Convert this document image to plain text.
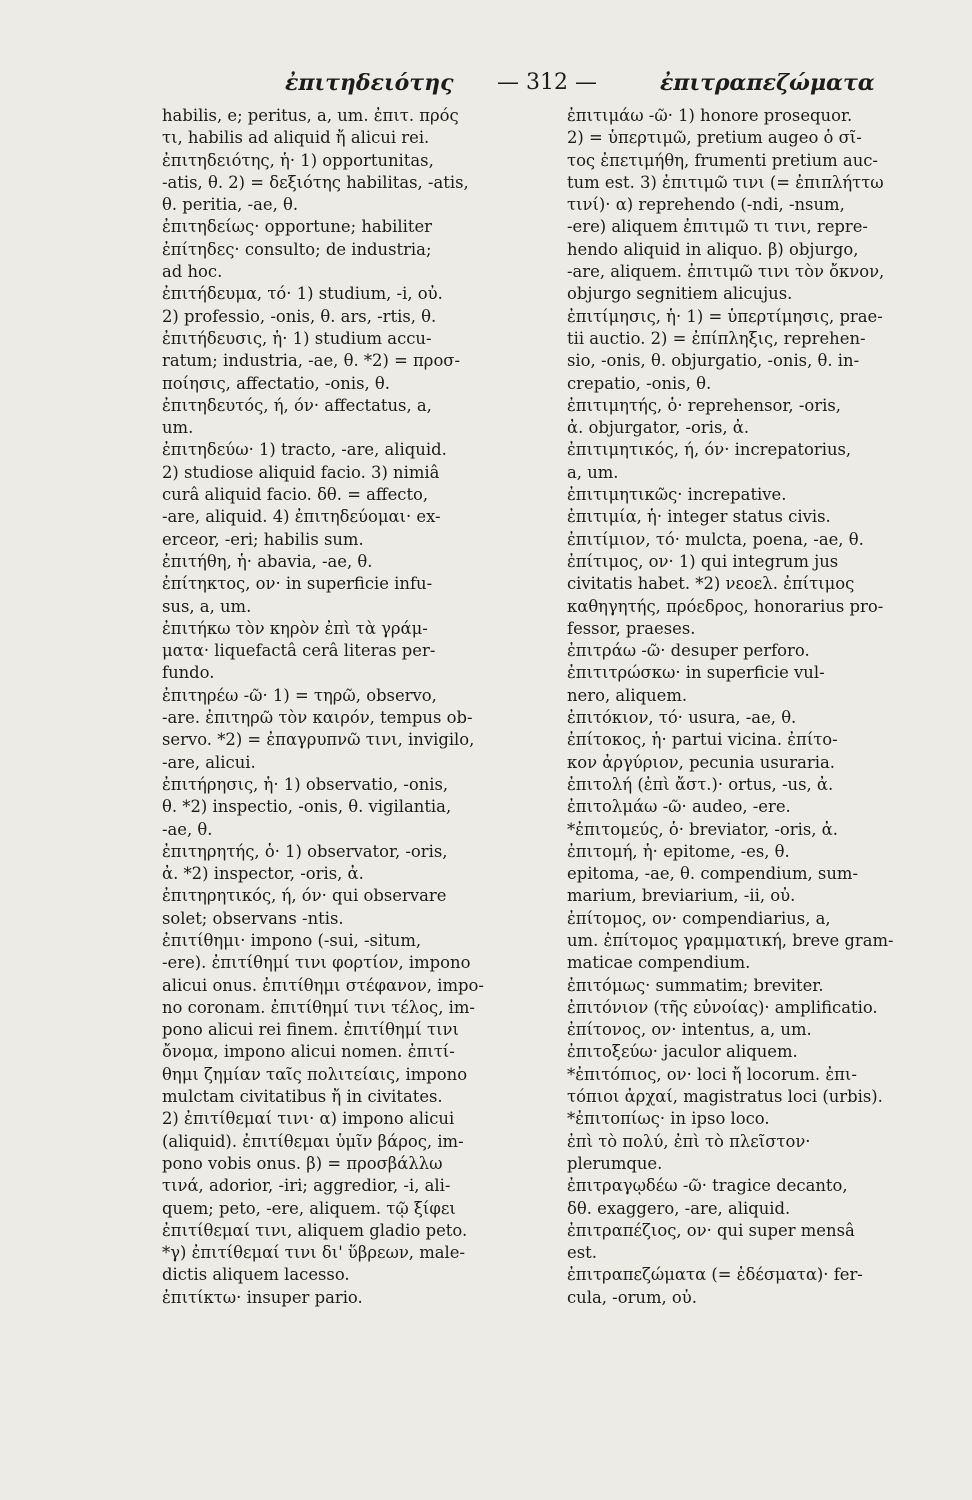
ἐπιτηδειότης — 312 —	ἐπιτραπεζώματα
habilis, e; peritus, a, um. ἐπιτ. πρός
τι, habilis ad aliquid ἤ alicui rei.
ἐπιτηδειότης, ἡ· 1) opportunitas,
-atis, θ. 2) = δεξιότης habilitas, -atis,
θ. peritia, -ae, θ.
ἐπιτηδείως· opportune; habiliter
ἐπίτηδες· consulto; de industria;
ad hoc.
ἐπιτήδευμα, τό· 1) studium, -i, οὐ.
2) professio, -onis, θ. ars, -rtis, θ.
ἐπιτήδευσις, ἡ· 1) studium accu-
ratum; industria, -ae, θ. *2) = προσ-
ποίησις, affectatio, -onis, θ.
ἐπιτηδευτός, ή, όν· affectatus, a,
um.
ἐπιτηδεύω· 1) tracto, -are, aliquid.
2) studiose aliquid facio. 3) nimiâ
curâ aliquid facio. δθ. = affecto,
-are, aliquid. 4) ἐπιτηδεύομαι· ex-
erceor, -eri; habilis sum.
ἐπιτήθη, ἡ· abavia, -ae, θ.
ἐπίτηκτος, ον· in superficie infu-
sus, a, um.
ἐπιτήκω τὸν κηρὸν ἐπὶ τὰ γράμ-
ματα· liquefactâ cerâ literas per-
fundo.
ἐπιτηρέω -ῶ· 1) = τηρῶ, observo,
-are. ἐπιτηρῶ τὸν καιρόν, tempus ob-
servo. *2) = ἐπαγρυπνῶ τινι, invigilo,
-are, alicui.
ἐπιτήρησις, ἡ· 1) observatio, -onis,
θ. *2) inspectio, -onis, θ. vigilantia,
-ae, θ.
ἐπιτηρητής, ὁ· 1) observator, -oris,
ἀ. *2) inspector, -oris, ἀ.
ἐπιτηρητικός, ή, όν· qui observare
solet; observans -ntis.
ἐπιτίθημι· impono (-sui, -situm,
-ere). ἐπιτίθημί τινι φορτίον, impono
alicui onus. ἐπιτίθημι στέφανον, impo-
no coronam. ἐπιτίθημί τινι τέλος, im-
pono alicui rei finem. ἐπιτίθημί τινι
ὄνομα, impono alicui nomen. ἐπιτί-
θημι ζημίαν ταῖς πολιτείαις, impono
mulctam civitatibus ἤ in civitates.
2) ἐπιτίθεμαί τινι· α) impono alicui
(aliquid). ἐπιτίθεμαι ὑμῖν βάρος, im-
pono vobis onus. β) = προσβάλλω
τινά, adorior, -iri; aggredior, -i, ali-
quem; peto, -ere, aliquem. τῷ ξίφει
ἐπιτίθεμαί τινι, aliquem gladio peto.
*γ) ἐπιτίθεμαί τινι δι' ὕβρεων, male-
dictis aliquem lacesso.
ἐπιτίκτω· insuper pario.
ἐπιτιμάω -ῶ· 1) honore prosequor.
2) = ὑπερτιμῶ, pretium augeo ὁ σῖ-
τος ἐπετιμήθη, frumenti pretium auc-
tum est. 3) ἐπιτιμῶ τινι (= ἐπιπλήττω
τινί)· α) reprehendo (-ndi, -nsum,
-ere) aliquem ἐπιτιμῶ τι τινι, repre-
hendo aliquid in aliquo. β) objurgo,
-are, aliquem. ἐπιτιμῶ τινι τὸν ὄκνον,
objurgo segnitiem alicujus.
ἐπιτίμησις, ἡ· 1) = ὑπερτίμησις, prae-
tii auctio. 2) = ἐπίπληξις, reprehen-
sio, -onis, θ. objurgatio, -onis, θ. in-
crepatio, -onis, θ.
ἐπιτιμητής, ὁ· reprehensor, -oris,
ἀ. objurgator, -oris, ἀ.
ἐπιτιμητικός, ή, όν· increpatorius,
a, um.
ἐπιτιμητικῶς· increpative.
ἐπιτιμία, ἡ· integer status civis.
ἐπιτίμιον, τό· mulcta, poena, -ae, θ.
ἐπίτιμος, ον· 1) qui integrum jus
civitatis habet. *2) νεοελ. ἐπίτιμος
καθηγητής, πρόεδρος, honorarius pro-
fessor, praeses.
ἐπιτράω -ῶ· desuper perforo.
ἐπιτιτρώσκω· in superficie vul-
nero, aliquem.
ἐπιτόκιον, τό· usura, -ae, θ.
ἐπίτοκος, ἡ· partui vicina. ἐπίτο-
κον ἀργύριον, pecunia usuraria.
ἐπιτολή (ἐπὶ ἄστ.)· ortus, -us, ἀ.
ἐπιτολμάω -ῶ· audeo, -ere.
*ἐπιτομεύς, ὁ· breviator, -oris, ἀ.
ἐπιτομή, ἡ· epitome, -es, θ.
epitoma, -ae, θ. compendium, sum-
marium, breviarium, -ii, οὐ.
ἐπίτομος, ον· compendiarius, a,
um. ἐπίτομος γραμματική, breve gram-
maticae compendium.
ἐπιτόμως· summatim; breviter.
ἐπιτόνιον (τῆς εὐνοίας)· amplificatio.
ἐπίτονος, ον· intentus, a, um.
ἐπιτοξεύω· jaculor aliquem.
*ἐπιτόπιος, ον· loci ἤ locorum. ἐπι-
τόπιοι ἀρχαί, magistratus loci (urbis).
*ἐπιτοπίως· in ipso loco.
ἐπὶ τὸ πολύ, ἐπὶ τὸ πλεῖστον·
plerumque.
ἐπιτραγῳδέω -ῶ· tragice decanto,
δθ. exaggero, -are, aliquid.
ἐπιτραπέζιος, ον· qui super mensâ
est.
ἐπιτραπεζώματα (= ἐδέσματα)· fer-
cula, -orum, οὐ.
